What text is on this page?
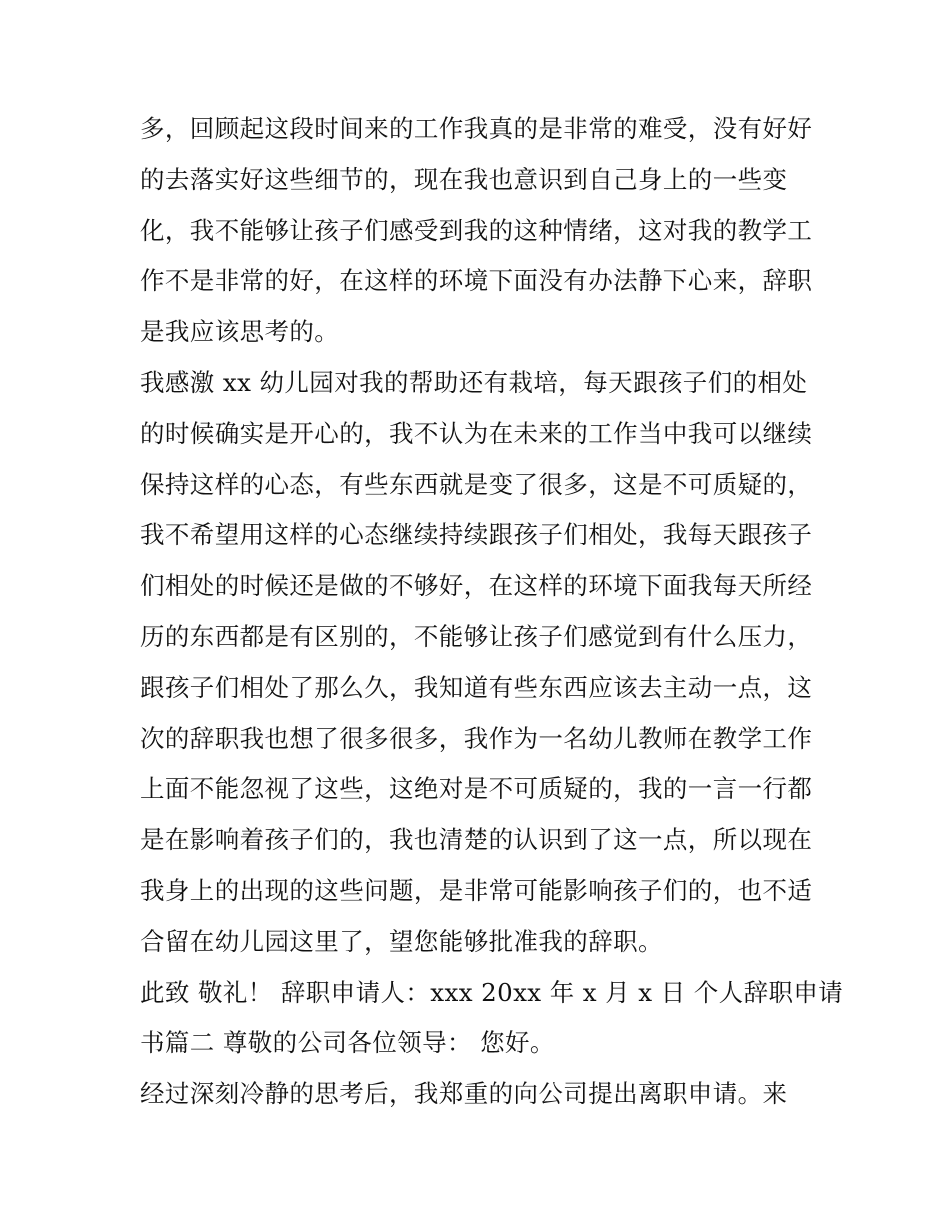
多，回顾起这段时间来的工作我真的是非常的难受，没有好好
的去落实好这些细节的，现在我也意识到自己身上的一些变
化，我不能够让孩子们感受到我的这种情绪，这对我的教学工
作不是非常的好，在这样的环境下面没有办法静下心来，辞职
是我应该思考的。

我感激 xx 幼儿园对我的帮助还有栽培，每天跟孩子们的相处
的时候确实是开心的，我不认为在未来的工作当中我可以继续
保持这样的心态，有些东西就是变了很多，这是不可质疑的，
我不希望用这样的心态继续持续跟孩子们相处，我每天跟孩子
们相处的时候还是做的不够好，在这样的环境下面我每天所经
历的东西都是有区别的，不能够让孩子们感觉到有什么压力，
跟孩子们相处了那么久，我知道有些东西应该去主动一点，这
次的辞职我也想了很多很多，我作为一名幼儿教师在教学工作
上面不能忽视了这些，这绝对是不可质疑的，我的一言一行都
是在影响着孩子们的，我也清楚的认识到了这一点，所以现在
我身上的出现的这些问题，是非常可能影响孩子们的，也不适
合留在幼儿园这里了，望您能够批准我的辞职。

此致 敬礼！ 辞职申请人：xxx 20xx 年 x 月 x 日 个人辞职申请
书篇二 尊敬的公司各位领导： 您好。

经过深刻冷静的思考后，我郑重的向公司提出离职申请。来
